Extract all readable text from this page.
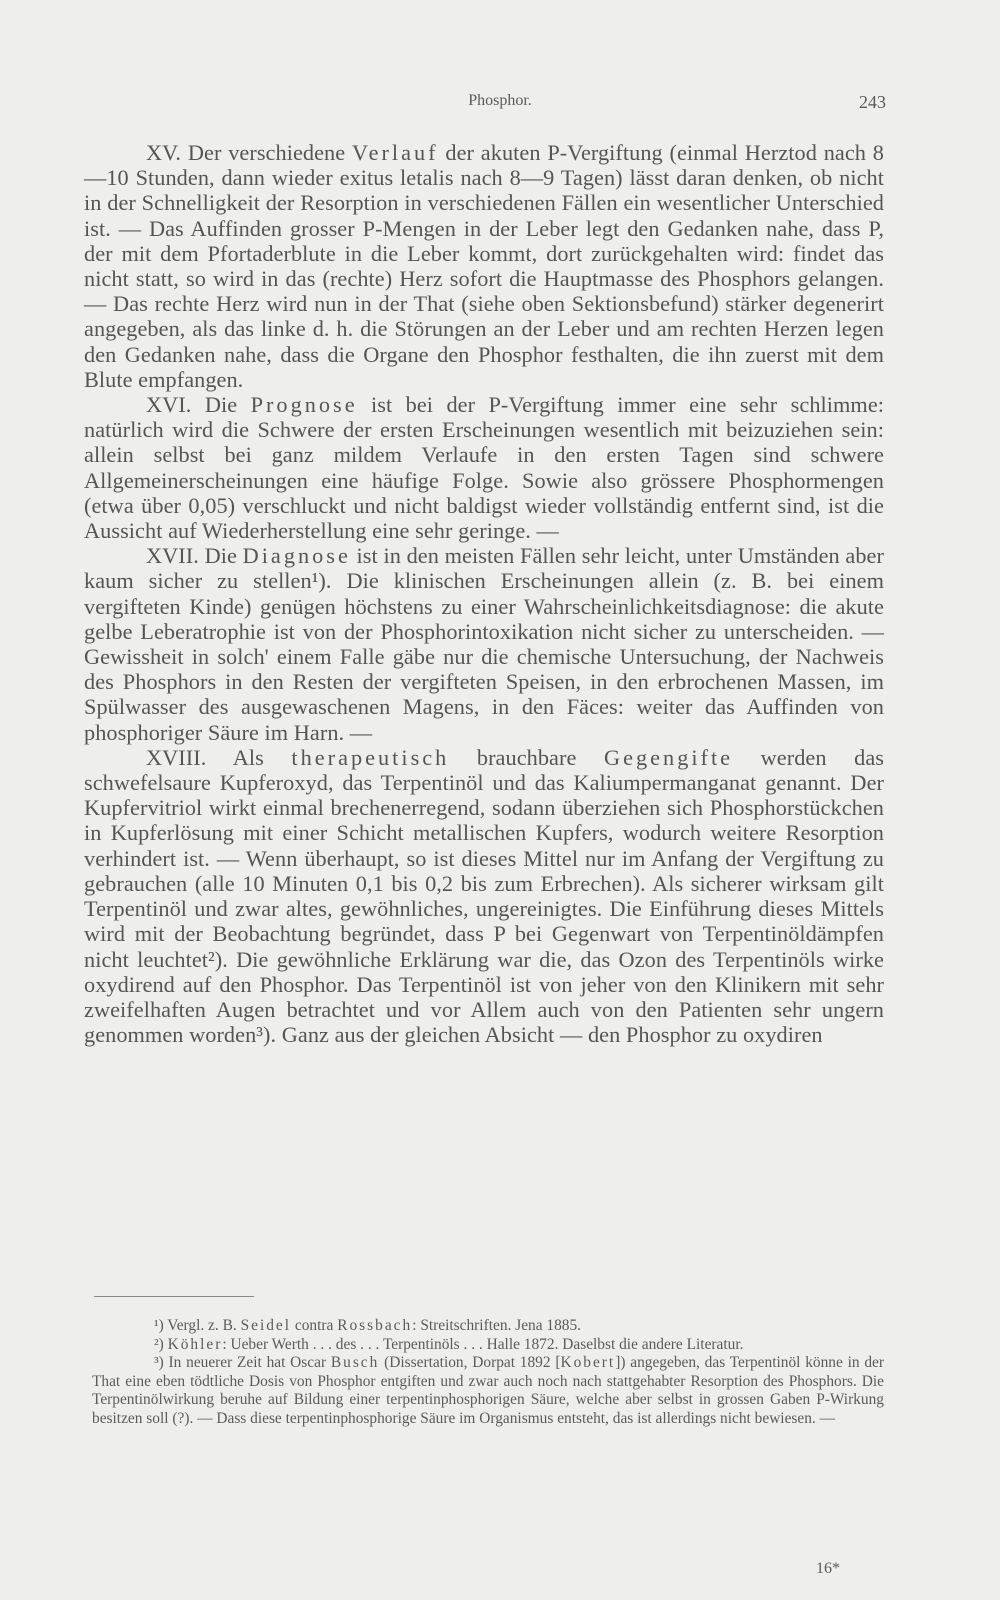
Phosphor.	243

XV. Der verschiedene Verlauf der akuten P-Vergiftung (einmal Herztod nach 8—10 Stunden, dann wieder exitus letalis nach 8—9 Tagen) lässt daran denken, ob nicht in der Schnelligkeit der Resorption in verschiedenen Fällen ein wesentlicher Unterschied ist. — Das Auffinden grosser P-Mengen in der Leber legt den Gedanken nahe, dass P, der mit dem Pfortaderblute in die Leber kommt, dort zurückgehalten wird: findet das nicht statt, so wird in das (rechte) Herz sofort die Hauptmasse des Phosphors gelangen. — Das rechte Herz wird nun in der That (siehe oben Sektionsbefund) stärker degenerirt angegeben, als das linke d. h. die Störungen an der Leber und am rechten Herzen legen den Gedanken nahe, dass die Organe den Phosphor festhalten, die ihn zuerst mit dem Blute empfangen.

XVI. Die Prognose ist bei der P-Vergiftung immer eine sehr schlimme: natürlich wird die Schwere der ersten Erscheinungen wesentlich mit beizuziehen sein: allein selbst bei ganz mildem Verlaufe in den ersten Tagen sind schwere Allgemeinerscheinungen eine häufige Folge. Sowie also grössere Phosphormengen (etwa über 0,05) verschluckt und nicht baldigst wieder vollständig entfernt sind, ist die Aussicht auf Wiederherstellung eine sehr geringe. —

XVII. Die Diagnose ist in den meisten Fällen sehr leicht, unter Umständen aber kaum sicher zu stellen¹). Die klinischen Erscheinungen allein (z. B. bei einem vergifteten Kinde) genügen höchstens zu einer Wahrscheinlichkeitsdiagnose: die akute gelbe Leberatrophie ist von der Phosphorintoxikation nicht sicher zu unterscheiden. — Gewissheit in solch' einem Falle gäbe nur die chemische Untersuchung, der Nachweis des Phosphors in den Resten der vergifteten Speisen, in den erbrochenen Massen, im Spülwasser des ausgewaschenen Magens, in den Fäces: weiter das Auffinden von phosphoriger Säure im Harn. —

XVIII. Als therapeutisch brauchbare Gegengifte werden das schwefelsaure Kupferoxyd, das Terpentinöl und das Kaliumpermanganat genannt. Der Kupfervitriol wirkt einmal brechenerregend, sodann überziehen sich Phosphorstückchen in Kupferlösung mit einer Schicht metallischen Kupfers, wodurch weitere Resorption verhindert ist. — Wenn überhaupt, so ist dieses Mittel nur im Anfang der Vergiftung zu gebrauchen (alle 10 Minuten 0,1 bis 0,2 bis zum Erbrechen). Als sicherer wirksam gilt Terpentinöl und zwar altes, gewöhnliches, ungereinigtes. Die Einführung dieses Mittels wird mit der Beobachtung begründet, dass P bei Gegenwart von Terpentinöldämpfen nicht leuchtet²). Die gewöhnliche Erklärung war die, das Ozon des Terpentinöls wirke oxydirend auf den Phosphor. Das Terpentinöl ist von jeher von den Klinikern mit sehr zweifelhaften Augen betrachtet und vor Allem auch von den Patienten sehr ungern genommen worden³). Ganz aus der gleichen Absicht — den Phosphor zu oxydiren

¹) Vergl. z. B. Seidel contra Rossbach: Streitschriften. Jena 1885.

²) Köhler: Ueber Werth . . . des . . . Terpentinöls . . . Halle 1872. Daselbst die andere Literatur.

³) In neuerer Zeit hat Oscar Busch (Dissertation, Dorpat 1892 [Kobert]) angegeben, das Terpentinöl könne in der That eine eben tödtliche Dosis von Phosphor entgiften und zwar auch noch nach stattgehabter Resorption des Phosphors. Die Terpentinölwirkung beruhe auf Bildung einer terpentinphosphorigen Säure, welche aber selbst in grossen Gaben P-Wirkung besitzen soll (?). — Dass diese terpentinphosphorige Säure im Organismus entsteht, das ist allerdings nicht bewiesen. —

16*
